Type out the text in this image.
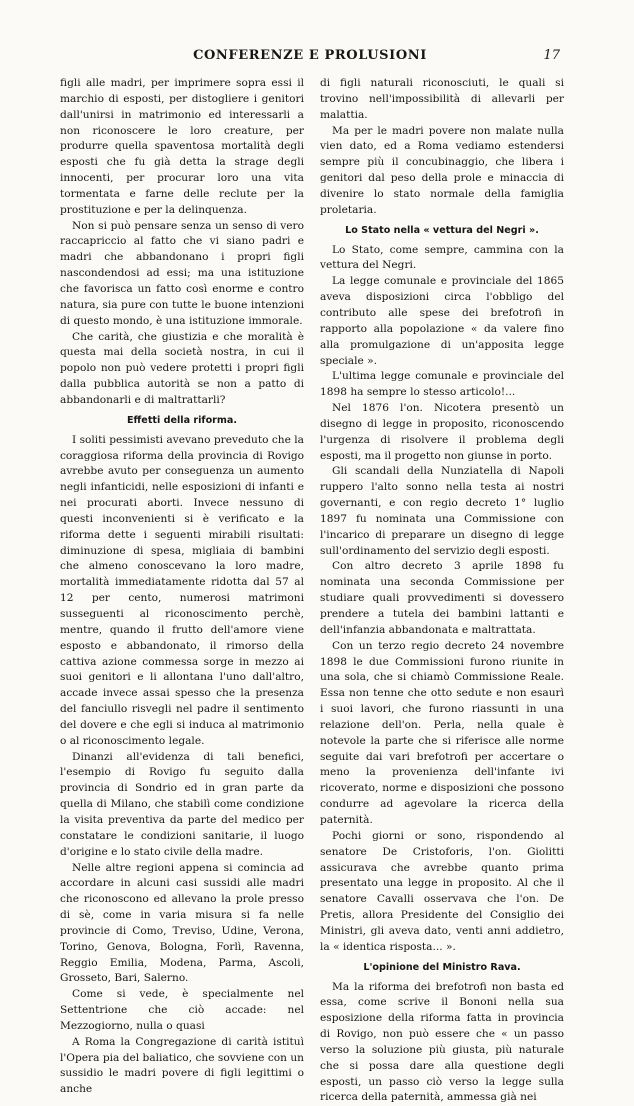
CONFERENZE E PROLUSIONI	17

figli alle madri, per imprimere sopra essi il marchio di esposti, per distogliere i genitori dall'unirsi in matrimonio ed interessarli a non riconoscere le loro creature, per produrre quella spaventosa mortalità degli esposti che fu già detta la strage degli innocenti, per procurar loro una vita tormentata e farne delle reclute per la prostituzione e per la delinquenza.

Non si può pensare senza un senso di vero raccapriccio al fatto che vi siano padri e madri che abbandonano i propri figli nascondendosi ad essi; ma una istituzione che favorisca un fatto così enorme e contro natura, sia pure con tutte le buone intenzioni di questo mondo, è una istituzione immorale.

Che carità, che giustizia e che moralità è questa mai della società nostra, in cui il popolo non può vedere protetti i propri figli dalla pubblica autorità se non a patto di abbandonarli e di maltrattarli?

Effetti della riforma.

I soliti pessimisti avevano preveduto che la coraggiosa riforma della provincia di Rovigo avrebbe avuto per conseguenza un aumento negli infanticidi, nelle esposizioni di infanti e nei procurati aborti. Invece nessuno di questi inconvenienti si è verificato e la riforma dette i seguenti mirabili risultati: diminuzione di spesa, migliaia di bambini che almeno conoscevano la loro madre, mortalità immediatamente ridotta dal 57 al 12 per cento, numerosi matrimoni susseguenti al riconoscimento perchè, mentre, quando il frutto dell'amore viene esposto e abbandonato, il rimorso della cattiva azione commessa sorge in mezzo ai suoi genitori e li allontana l'uno dall'altro, accade invece assai spesso che la presenza del fanciullo risvegli nel padre il sentimento del dovere e che egli si induca al matrimonio o al riconoscimento legale.

Dinanzi all'evidenza di tali benefici, l'esempio di Rovigo fu seguito dalla provincia di Sondrio ed in gran parte da quella di Milano, che stabilì come condizione la visita preventiva da parte del medico per constatare le condizioni sanitarie, il luogo d'origine e lo stato civile della madre.

Nelle altre regioni appena si comincia ad accordare in alcuni casi sussidi alle madri che riconoscono ed allevano la prole presso di sè, come in varia misura si fa nelle provincie di Como, Treviso, Udine, Verona, Torino, Genova, Bologna, Forlì, Ravenna, Reggio Emilia, Modena, Parma, Ascoli, Grosseto, Bari, Salerno.

Come si vede, è specialmente nel Settentrione che ciò accade: nel Mezzogiorno, nulla o quasi

A Roma la Congregazione di carità istituì l'Opera pia del baliatico, che sovviene con un sussidio le madri povere di figli legittimi o anche

di figli naturali riconosciuti, le quali si trovino nell'impossibilità di allevarli per malattia.

Ma per le madri povere non malate nulla vien dato, ed a Roma vediamo estendersi sempre più il concubinaggio, che libera i genitori dal peso della prole e minaccia di divenire lo stato normale della famiglia proletaria.

Lo Stato nella « vettura del Negri ».

Lo Stato, come sempre, cammina con la vettura del Negri.

La legge comunale e provinciale del 1865 aveva disposizioni circa l'obbligo del contributo alle spese dei brefotrofi in rapporto alla popolazione « da valere fino alla promulgazione di un'apposita legge speciale ».

L'ultima legge comunale e provinciale del 1898 ha sempre lo stesso articolo!...

Nel 1876 l'on. Nicotera presentò un disegno di legge in proposito, riconoscendo l'urgenza di risolvere il problema degli esposti, ma il progetto non giunse in porto.

Gli scandali della Nunziatella di Napoli ruppero l'alto sonno nella testa ai nostri governanti, e con regio decreto 1° luglio 1897 fu nominata una Commissione con l'incarico di preparare un disegno di legge sull'ordinamento del servizio degli esposti.

Con altro decreto 3 aprile 1898 fu nominata una seconda Commissione per studiare quali provvedimenti si dovessero prendere a tutela dei bambini lattanti e dell'infanzia abbandonata e maltrattata.

Con un terzo regio decreto 24 novembre 1898 le due Commissioni furono riunite in una sola, che si chiamò Commissione Reale. Essa non tenne che otto sedute e non esaurì i suoi lavori, che furono riassunti in una relazione dell'on. Perla, nella quale è notevole la parte che si riferisce alle norme seguite dai vari brefotrofi per accertare o meno la provenienza dell'infante ivi ricoverato, norme e disposizioni che possono condurre ad agevolare la ricerca della paternità.

Pochi giorni or sono, rispondendo al senatore De Cristoforis, l'on. Giolitti assicurava che avrebbe quanto prima presentato una legge in proposito. Al che il senatore Cavalli osservava che l'on. De Pretis, allora Presidente del Consiglio dei Ministri, gli aveva dato, venti anni addietro, la « identica risposta... ».

L'opinione del Ministro Rava.

Ma la riforma dei brefotrofi non basta ed essa, come scrive il Bononi nella sua esposizione della riforma fatta in provincia di Rovigo, non può essere che « un passo verso la soluzione più giusta, più naturale che si possa dare alla questione degli esposti, un passo ciò verso la legge sulla ricerca della paternità, ammessa già nei
